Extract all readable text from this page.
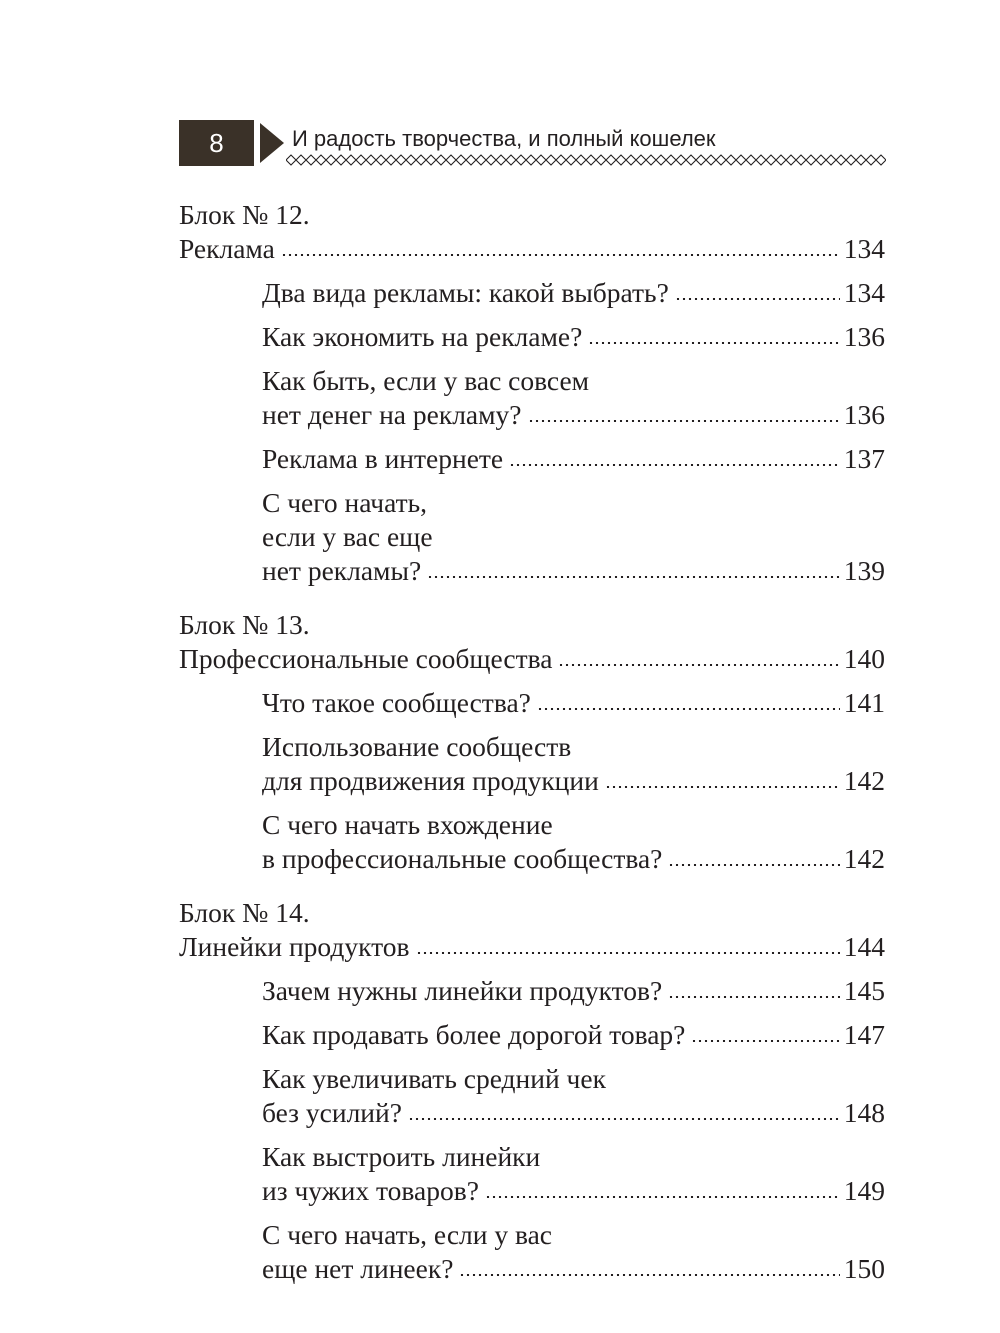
8	И радость творчества, и полный кошелек
Блок № 12.
Реклама	134
Два вида рекламы: какой выбрать?	134
Как экономить на рекламе?	136
Как быть, если у вас совсем
нет денег на рекламу?	136
Реклама в интернете	137
С чего начать,
если у вас еще
нет рекламы?	139
Блок № 13.
Профессиональные сообщества	140
Что такое сообщества?	141
Использование сообществ
для продвижения продукции	142
С чего начать вхождение
в профессиональные сообщества?	142
Блок № 14.
Линейки продуктов	144
Зачем нужны линейки продуктов?	145
Как продавать более дорогой товар?	147
Как увеличивать средний чек
без усилий?	148
Как выстроить линейки
из чужих товаров?	149
С чего начать, если у вас
еще нет линеек?	150
